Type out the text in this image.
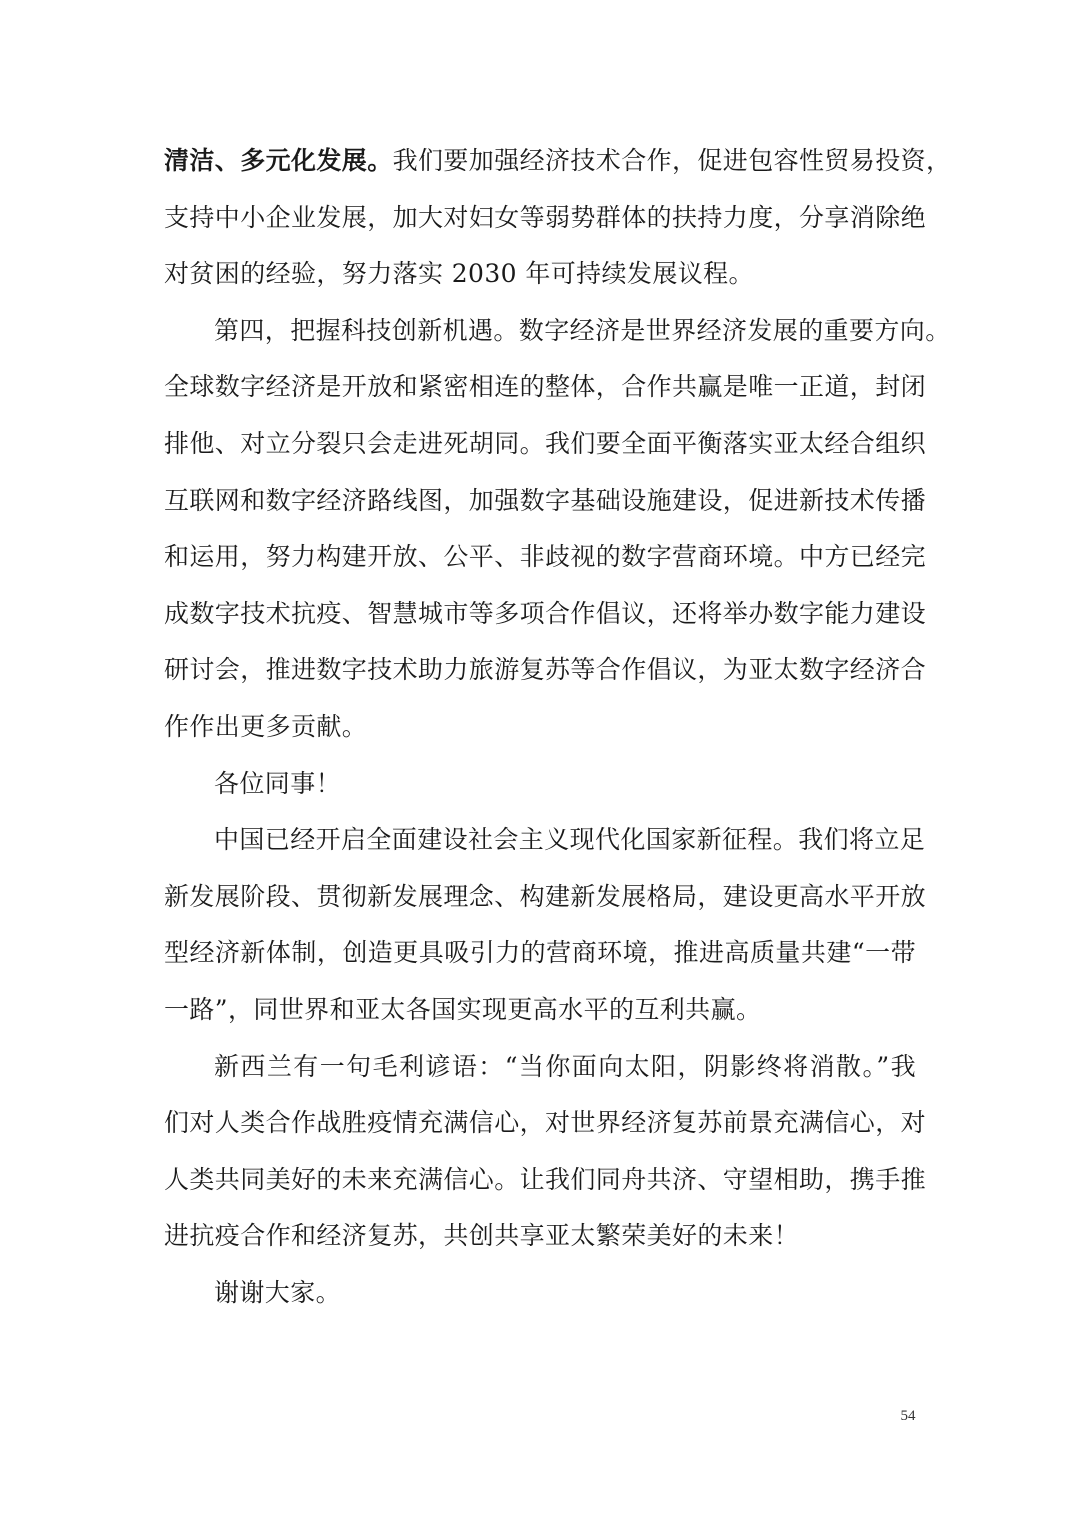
清洁、多元化发展。我们要加强经济技术合作，促进包容性贸易投资，
支持中小企业发展，加大对妇女等弱势群体的扶持力度，分享消除绝
对贫困的经验，努力落实 2030 年可持续发展议程。
第四，把握科技创新机遇。数字经济是世界经济发展的重要方向。
全球数字经济是开放和紧密相连的整体，合作共赢是唯一正道，封闭
排他、对立分裂只会走进死胡同。我们要全面平衡落实亚太经合组织
互联网和数字经济路线图，加强数字基础设施建设，促进新技术传播
和运用，努力构建开放、公平、非歧视的数字营商环境。中方已经完
成数字技术抗疫、智慧城市等多项合作倡议，还将举办数字能力建设
研讨会，推进数字技术助力旅游复苏等合作倡议，为亚太数字经济合
作作出更多贡献。
各位同事！
中国已经开启全面建设社会主义现代化国家新征程。我们将立足
新发展阶段、贯彻新发展理念、构建新发展格局，建设更高水平开放
型经济新体制，创造更具吸引力的营商环境，推进高质量共建“一带
一路”，同世界和亚太各国实现更高水平的互利共赢。
新西兰有一句毛利谚语：“当你面向太阳，阴影终将消散。”我
们对人类合作战胜疫情充满信心，对世界经济复苏前景充满信心，对
人类共同美好的未来充满信心。让我们同舟共济、守望相助，携手推
进抗疫合作和经济复苏，共创共享亚太繁荣美好的未来！
谢谢大家。
54
